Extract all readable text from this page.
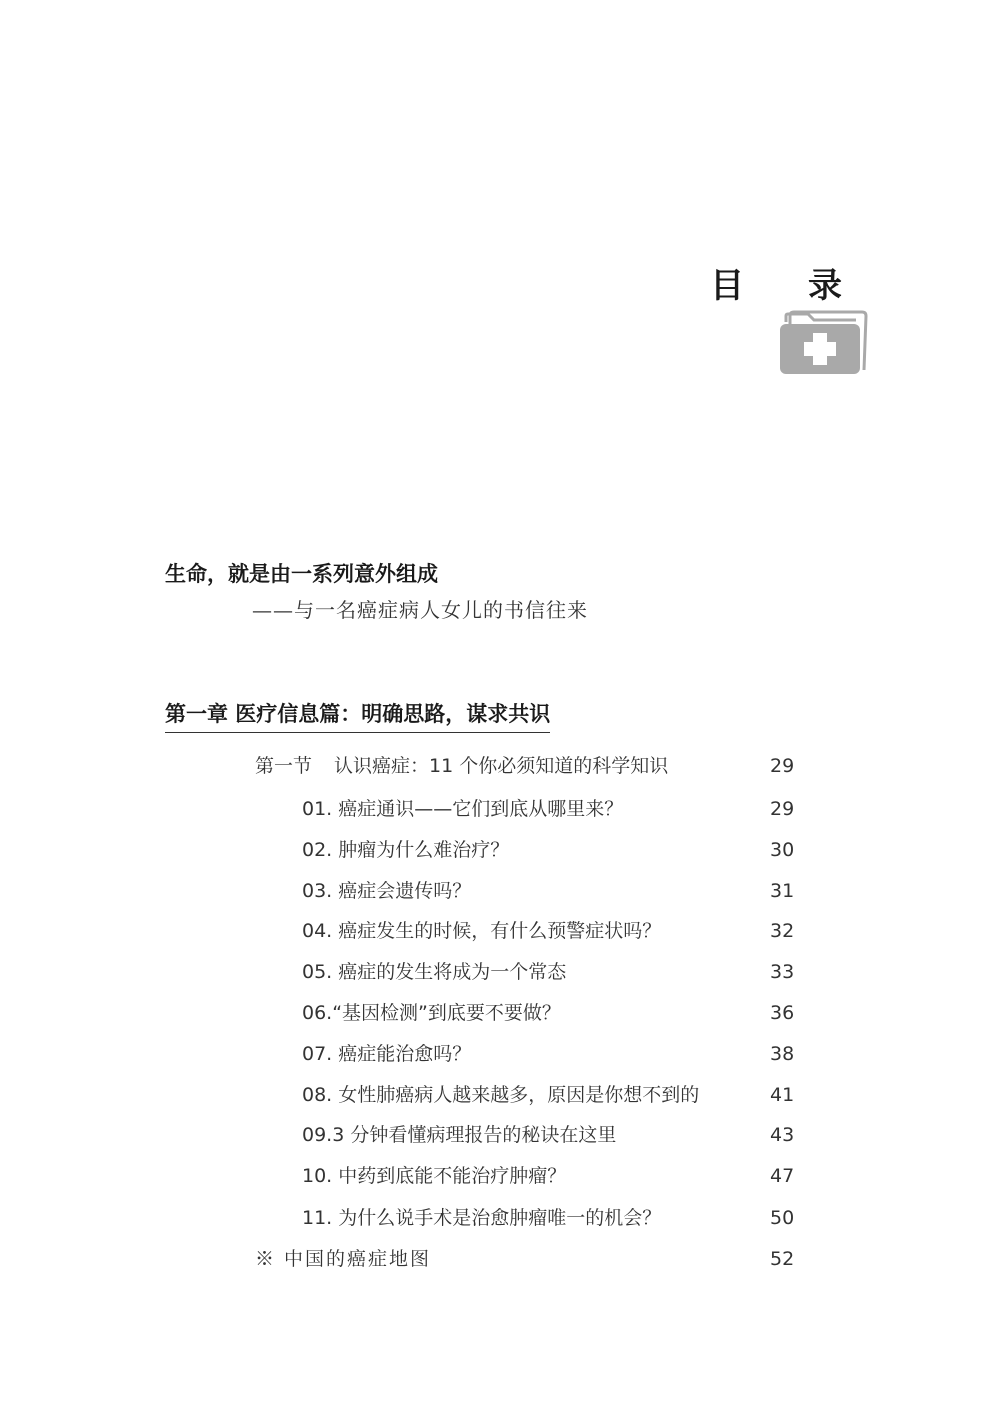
目 录
生命，就是由一系列意外组成
——与一名癌症病人女儿的书信往来
第一章 医疗信息篇：明确思路，谋求共识
第一节 认识癌症：11 个你必须知道的科学知识	29
01. 癌症通识——它们到底从哪里来？	29
02. 肿瘤为什么难治疗？	30
03. 癌症会遗传吗？	31
04. 癌症发生的时候，有什么预警症状吗？	32
05. 癌症的发生将成为一个常态	33
06.“基因检测”到底要不要做？	36
07. 癌症能治愈吗？	38
08. 女性肺癌病人越来越多，原因是你想不到的	41
09.3 分钟看懂病理报告的秘诀在这里	43
10. 中药到底能不能治疗肿瘤？	47
11. 为什么说手术是治愈肿瘤唯一的机会？	50
※ 中国的癌症地图	52
